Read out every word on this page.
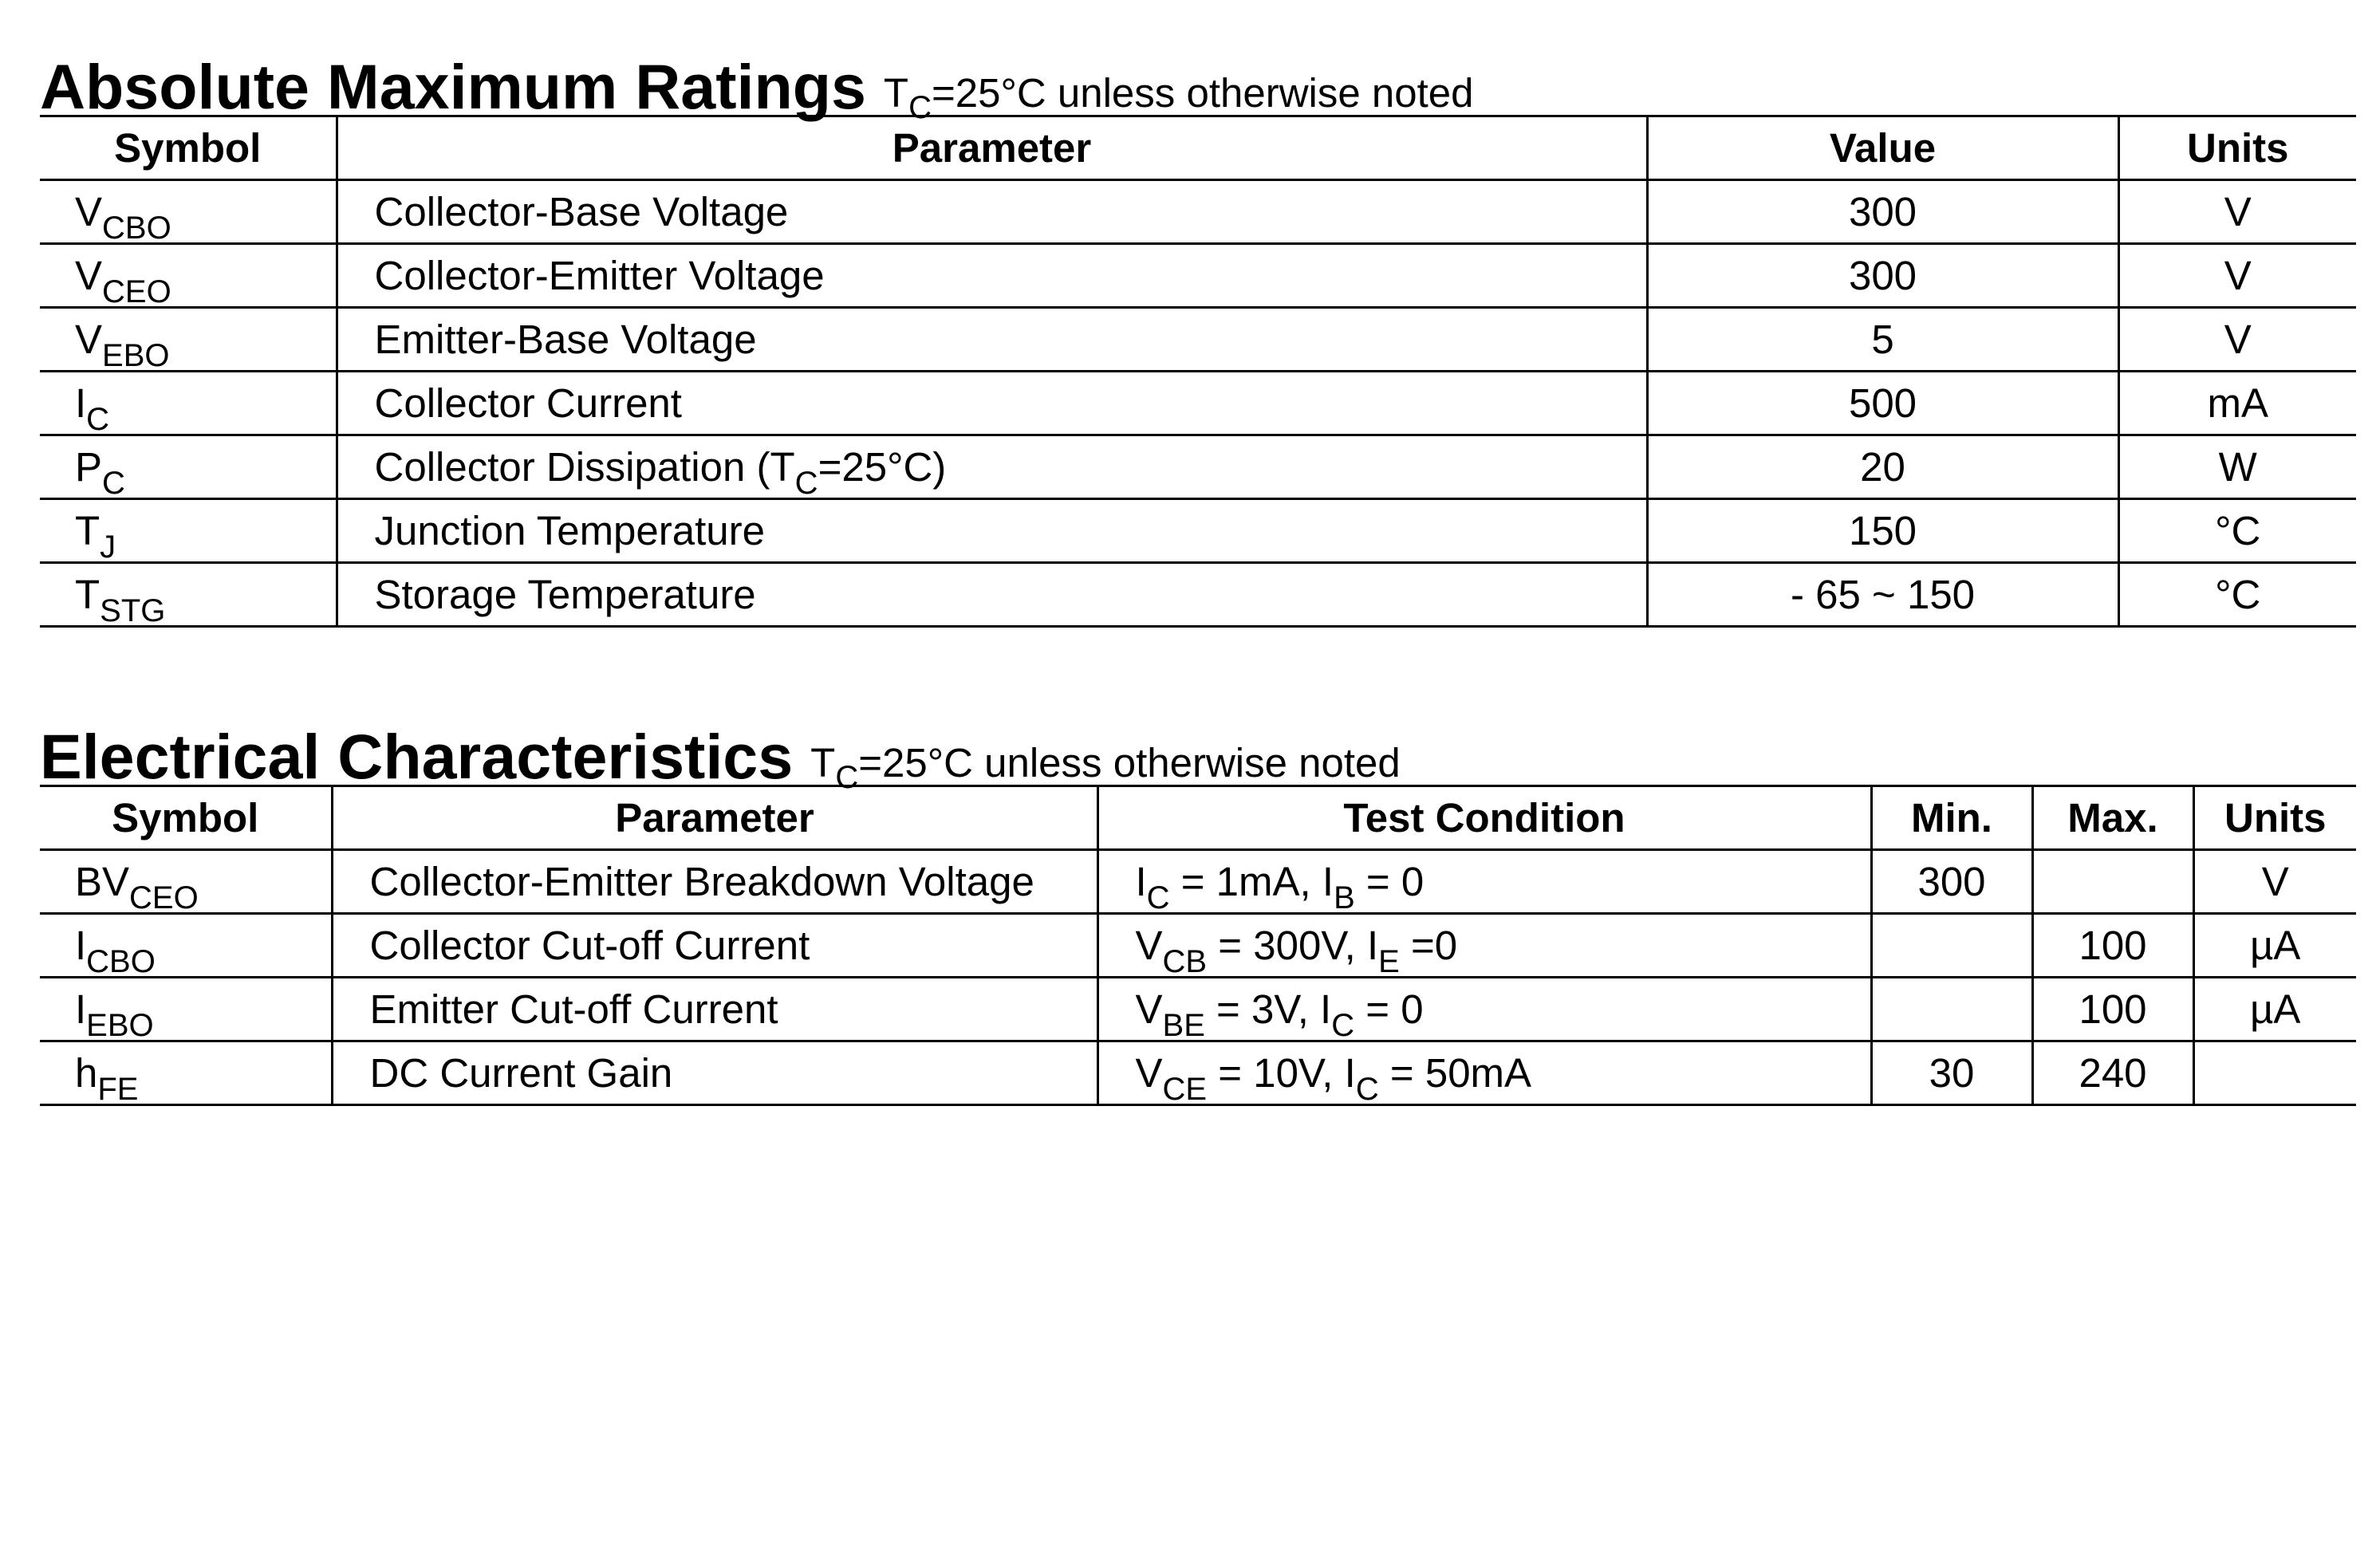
Absolute Maximum Ratings $T_C=25^\circ C$ unless otherwise noted
Symbol	Parameter	Value	Units
$V_{CBO}$	Collector-Base Voltage	300	V
$V_{CEO}$	Collector-Emitter Voltage	300	V
$V_{EBO}$	Emitter-Base Voltage	5	V
$I_C$	Collector Current	500	mA
$P_C$	Collector Dissipation $(T_C=25^\circ C)$	20	W
$T_J$	Junction Temperature	150	°C
$T_{STG}$	Storage Temperature	- 65 ~ 150	°C
Electrical Characteristics $T_C=25^\circ C$ unless otherwise noted
Symbol	Parameter	Test Condition	Min.	Max.	Units
$BV_{CEO}$	Collector-Emitter Breakdown Voltage	$I_C = 1mA$, $I_B = 0$	300		V
$I_{CBO}$	Collector Cut-off Current	$V_{CB} = 300V$, $I_E =0$		100	µA
$I_{EBO}$	Emitter Cut-off Current	$V_{BE} = 3V$, $I_C = 0$		100	µA
$h_{FE}$	DC Current Gain	$V_{CE} = 10V$, $I_C = 50mA$	30	240	
